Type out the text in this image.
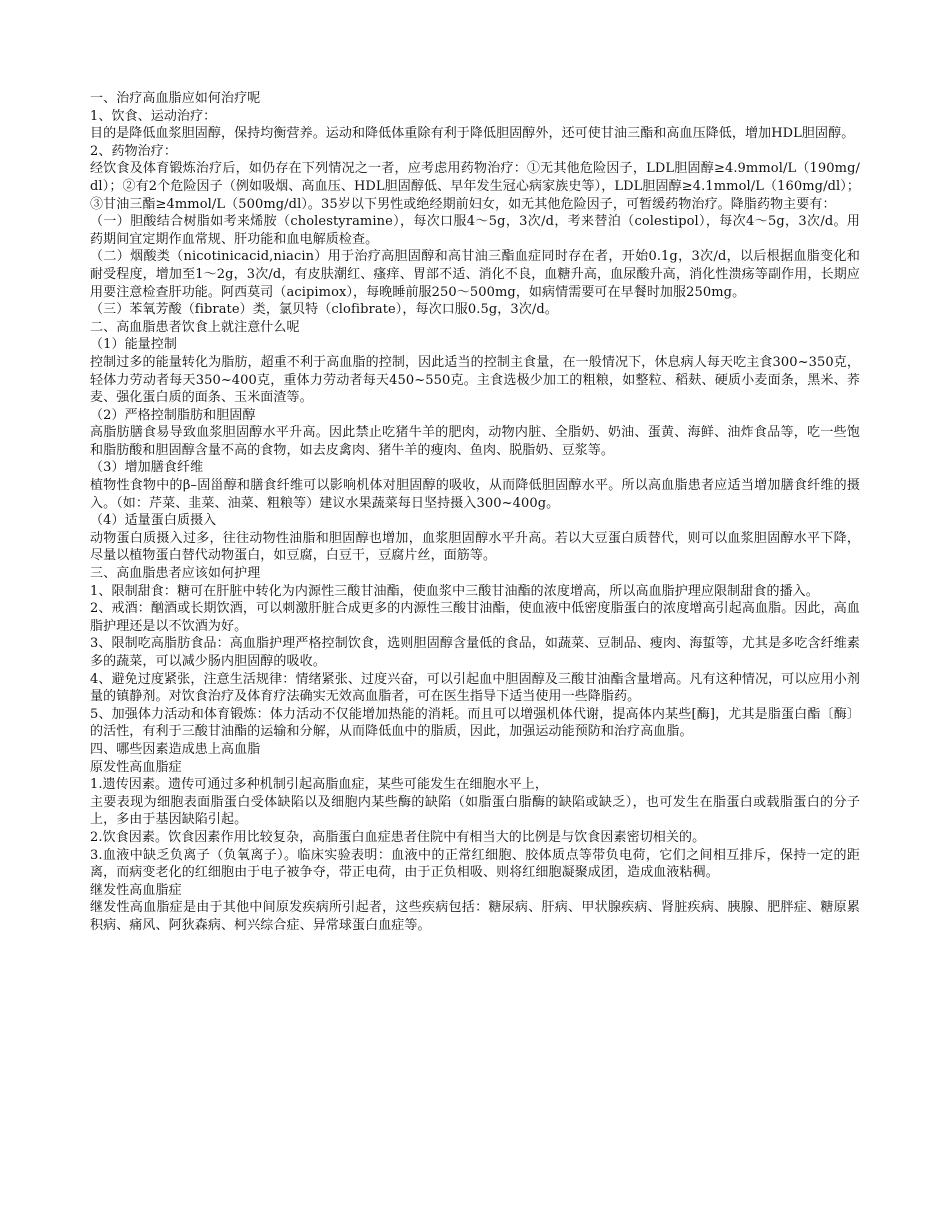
一、治疗高血脂应如何治疗呢

1、饮食、运动治疗：

目的是降低血浆胆固醇，保持均衡营养。运动和降低体重除有利于降低胆固醇外，还可使甘油三酯和高血压降低，增加HDL胆固醇。

2、药物治疗：

经饮食及体育锻炼治疗后，如仍存在下列情况之一者，应考虑用药物治疗：①无其他危险因子，LDL胆固醇≥4.9mmol/L（190mg/dl）；②有2个危险因子（例如吸烟、高血压、HDL胆固醇低、早年发生冠心病家族史等），LDL胆固醇≥4.1mmol/L（160mg/dl）；③甘油三酯≥4mmol/L（500mg/dl）。35岁以下男性或绝经期前妇女，如无其他危险因子，可暂缓药物治疗。降脂药物主要有：

（一）胆酸结合树脂如考来烯胺（cholestyramine），每次口服4～5g，3次/d，考来替泊（colestipol），每次4～5g，3次/d。用药期间宜定期作血常规、肝功能和血电解质检查。

（二）烟酸类（nicotinicacid,niacin）用于治疗高胆固醇和高甘油三酯血症同时存在者，开始0.1g，3次/d，以后根据血脂变化和耐受程度，增加至1～2g，3次/d，有皮肤潮红、瘙痒、胃部不适、消化不良，血糖升高，血尿酸升高，消化性溃疡等副作用，长期应用要注意检查肝功能。阿西莫司（acipimox），每晚睡前服250～500mg，如病情需要可在早餐时加服250mg。

（三）苯氧芳酸（fibrate）类，氯贝特（clofibrate），每次口服0.5g，3次/d。

二、高血脂患者饮食上就注意什么呢

（1）能量控制

控制过多的能量转化为脂肪，超重不利于高血脂的控制，因此适当的控制主食量，在一般情况下，休息病人每天吃主食300~350克，轻体力劳动者每天350~400克，重体力劳动者每天450~550克。主食选极少加工的粗粮，如整粒、稻麸、硬质小麦面条，黑米、荞麦、强化蛋白质的面条、玉米面渣等。

（2）严格控制脂肪和胆固醇

高脂肪膳食易导致血浆胆固醇水平升高。因此禁止吃猪牛羊的肥肉，动物内脏、全脂奶、奶油、蛋黄、海鲜、油炸食品等，吃一些饱和脂肪酸和胆固醇含量不高的食物，如去皮禽肉、猪牛羊的瘦肉、鱼肉、脱脂奶、豆浆等。

（3）增加膳食纤维

植物性食物中的β–固甾醇和膳食纤维可以影响机体对胆固醇的吸收，从而降低胆固醇水平。所以高血脂患者应适当增加膳食纤维的摄入。（如：芹菜、韭菜、油菜、粗粮等）建议水果蔬菜每日坚持摄入300~400g。

（4）适量蛋白质摄入

动物蛋白质摄入过多，往往动物性油脂和胆固醇也增加，血浆胆固醇水平升高。若以大豆蛋白质替代，则可以血浆胆固醇水平下降，尽量以植物蛋白替代动物蛋白，如豆腐，白豆干，豆腐片丝，面筋等。

三、高血脂患者应该如何护理

1、限制甜食：糖可在肝脏中转化为内源性三酸甘油酯，使血浆中三酸甘油酯的浓度增高，所以高血脂护理应限制甜食的播入。

2、戒酒：酗酒或长期饮酒，可以刺激肝脏合成更多的内源性三酸甘油酯，使血液中低密度脂蛋白的浓度增高引起高血脂。因此，高血脂护理还是以不饮酒为好。

3、限制吃高脂肪食品：高血脂护理严格控制饮食，选则胆固醇含量低的食品，如蔬菜、豆制品、瘦肉、海蜇等，尤其是多吃含纤维素多的蔬菜，可以减少肠内胆固醇的吸收。

4、避免过度紧张，注意生活规律：情绪紧张、过度兴奋，可以引起血中胆固醇及三酸甘油酯含量增高。凡有这种情况，可以应用小剂量的镇静剂。对饮食治疗及体育疗法确实无效高血脂者，可在医生指导下适当使用一些降脂药。

5、加强体力活动和体育锻炼：体力活动不仅能增加热能的消耗。而且可以增强机体代谢，提高体内某些[酶]，尤其是脂蛋白酯〔酶〕的活性，有利于三酸甘油酯的运输和分解，从而降低血中的脂质，因此，加强运动能预防和治疗高血脂。

四、哪些因素造成患上高血脂

原发性高血脂症

1.遗传因素。遗传可通过多种机制引起高脂血症，某些可能发生在细胞水平上，

主要表现为细胞表面脂蛋白受体缺陷以及细胞内某些酶的缺陷（如脂蛋白脂酶的缺陷或缺乏），也可发生在脂蛋白或载脂蛋白的分子上，多由于基因缺陷引起。

2.饮食因素。饮食因素作用比较复杂，高脂蛋白血症患者住院中有相当大的比例是与饮食因素密切相关的。

3.血液中缺乏负离子（负氧离子）。临床实验表明：血液中的正常红细胞、胶体质点等带负电荷，它们之间相互排斥，保持一定的距离，而病变老化的红细胞由于电子被争夺，带正电荷，由于正负相吸、则将红细胞凝聚成团，造成血液粘稠。

继发性高血脂症

继发性高血脂症是由于其他中间原发疾病所引起者，这些疾病包括：糖尿病、肝病、甲状腺疾病、肾脏疾病、胰腺、肥胖症、糖原累积病、痛风、阿狄森病、柯兴综合症、异常球蛋白血症等。
